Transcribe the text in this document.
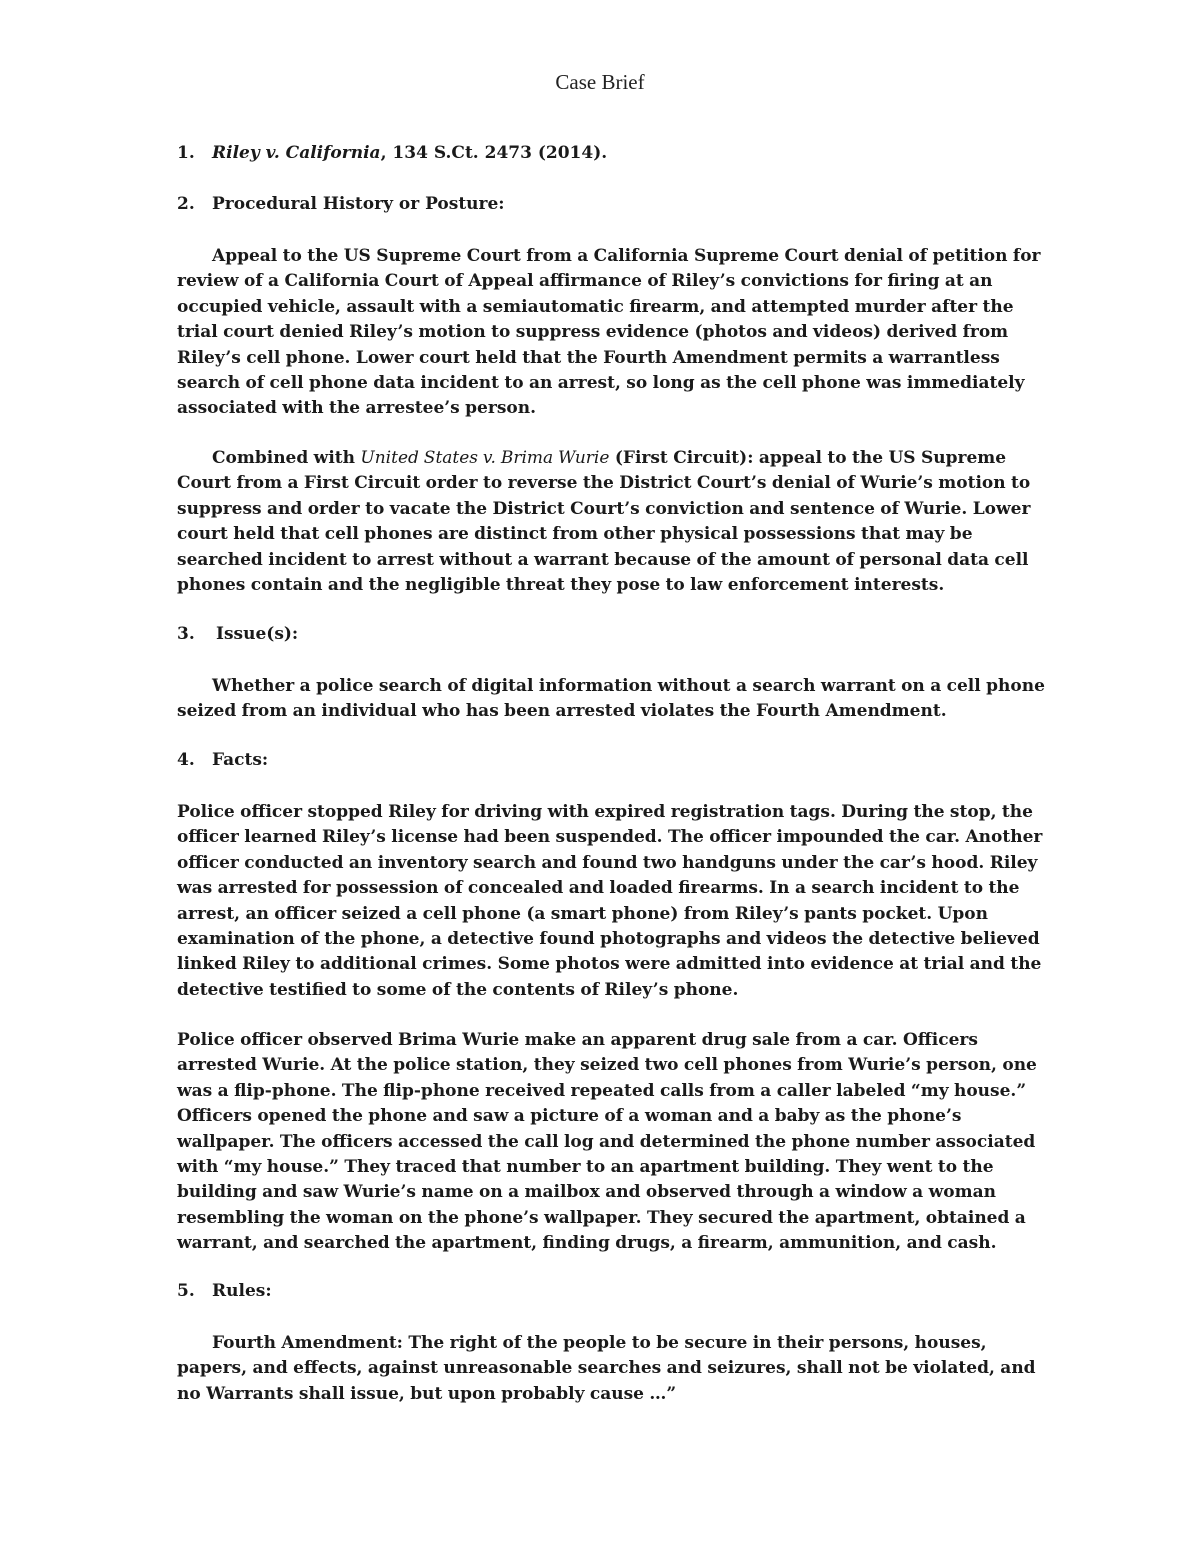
Case Brief
1. Riley v. California, 134 S.Ct. 2473 (2014).
2. Procedural History or Posture:
Appeal to the US Supreme Court from a California Supreme Court denial of petition for
review of a California Court of Appeal affirmance of Riley’s convictions for firing at an
occupied vehicle, assault with a semiautomatic firearm, and attempted murder after the
trial court denied Riley’s motion to suppress evidence (photos and videos) derived from
Riley’s cell phone. Lower court held that the Fourth Amendment permits a warrantless
search of cell phone data incident to an arrest, so long as the cell phone was immediately
associated with the arrestee’s person.
Combined with United States v. Brima Wurie (First Circuit): appeal to the US Supreme
Court from a First Circuit order to reverse the District Court’s denial of Wurie’s motion to
suppress and order to vacate the District Court’s conviction and sentence of Wurie. Lower
court held that cell phones are distinct from other physical possessions that may be
searched incident to arrest without a warrant because of the amount of personal data cell
phones contain and the negligible threat they pose to law enforcement interests.
3. Issue(s):
Whether a police search of digital information without a search warrant on a cell phone
seized from an individual who has been arrested violates the Fourth Amendment.
4. Facts:
Police officer stopped Riley for driving with expired registration tags. During the stop, the
officer learned Riley’s license had been suspended. The officer impounded the car. Another
officer conducted an inventory search and found two handguns under the car’s hood. Riley
was arrested for possession of concealed and loaded firearms. In a search incident to the
arrest, an officer seized a cell phone (a smart phone) from Riley’s pants pocket. Upon
examination of the phone, a detective found photographs and videos the detective believed
linked Riley to additional crimes. Some photos were admitted into evidence at trial and the
detective testified to some of the contents of Riley’s phone.
Police officer observed Brima Wurie make an apparent drug sale from a car. Officers
arrested Wurie. At the police station, they seized two cell phones from Wurie’s person, one
was a flip-phone. The flip-phone received repeated calls from a caller labeled “my house.”
Officers opened the phone and saw a picture of a woman and a baby as the phone’s
wallpaper. The officers accessed the call log and determined the phone number associated
with “my house.” They traced that number to an apartment building. They went to the
building and saw Wurie’s name on a mailbox and observed through a window a woman
resembling the woman on the phone’s wallpaper. They secured the apartment, obtained a
warrant, and searched the apartment, finding drugs, a firearm, ammunition, and cash.
5. Rules:
Fourth Amendment: The right of the people to be secure in their persons, houses,
papers, and effects, against unreasonable searches and seizures, shall not be violated, and
no Warrants shall issue, but upon probably cause …”
